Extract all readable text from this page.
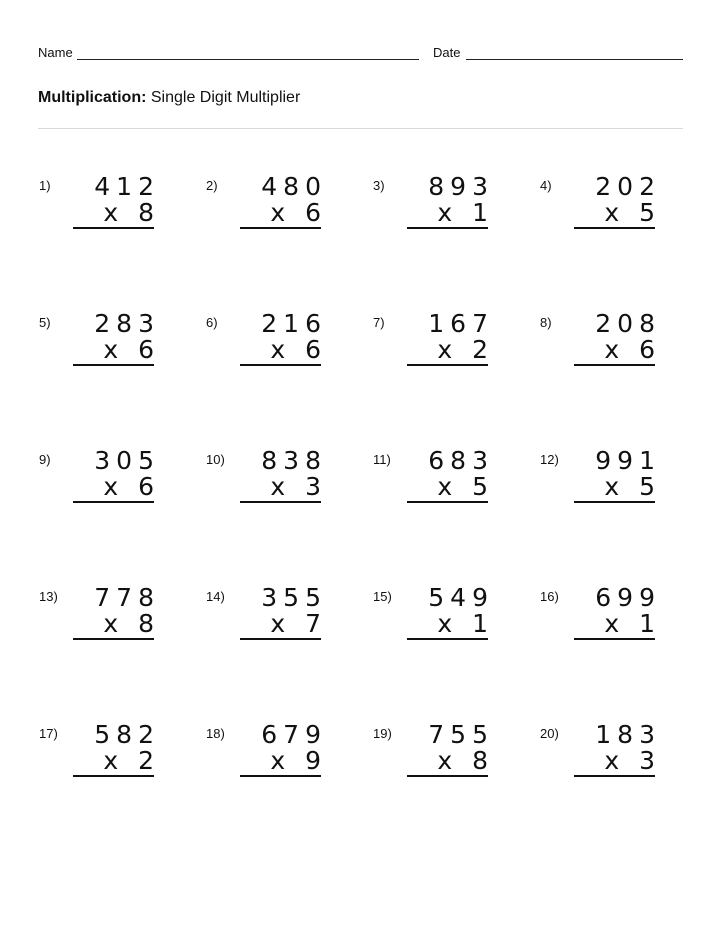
Name	Date
Multiplication: Single Digit Multiplier
1) 412
x 8
2) 480
x 6
3) 893
x 1
4) 202
x 5
5) 283
x 6
6) 216
x 6
7) 167
x 2
8) 208
x 6
9) 305
x 6
10) 838
x 3
11) 683
x 5
12) 991
x 5
13) 778
x 8
14) 355
x 7
15) 549
x 1
16) 699
x 1
17) 582
x 2
18) 679
x 9
19) 755
x 8
20) 183
x 3
